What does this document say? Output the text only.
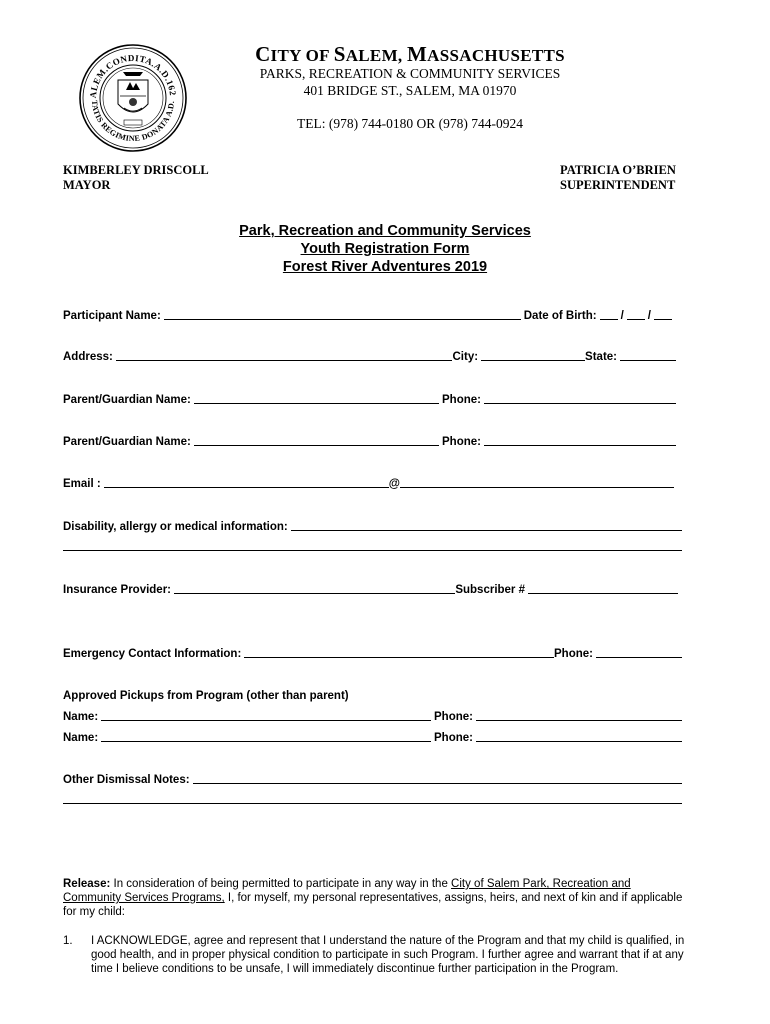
ALEM.CONDITA.A.D.162
TATIS REGIMINE DONATA A.D.
CITY OF SALEM, MASSACHUSETTS
PARKS, RECREATION & COMMUNITY SERVICES
401 BRIDGE ST., SALEM, MA 01970
TEL: (978) 744-0180 OR (978) 744-0924
KIMBERLEY DRISCOLL
MAYOR
PATRICIA O’BRIEN
SUPERINTENDENT
Park, Recreation and Community Services
Youth Registration Form
Forest River Adventures 2019
Participant Name:	Date of Birth: / /
Address:	City:	State:
Parent/Guardian Name:	Phone:
Parent/Guardian Name:	Phone:
Email :	@
Disability, allergy or medical information:
Insurance Provider:	Subscriber #
Emergency Contact Information:	Phone:
Approved Pickups from Program (other than parent)
Name:	Phone:
Name:	Phone:
Other Dismissal Notes:
Release: In consideration of being permitted to participate in any way in the City of Salem Park, Recreation and Community Services Programs, I, for myself, my personal representatives, assigns, heirs, and next of kin and if applicable for my child:
1.	I ACKNOWLEDGE, agree and represent that I understand the nature of the Program and that my child is qualified, in good health, and in proper physical condition to participate in such Program. I further agree and warrant that if at any time I believe conditions to be unsafe, I will immediately discontinue further participation in the Program.
